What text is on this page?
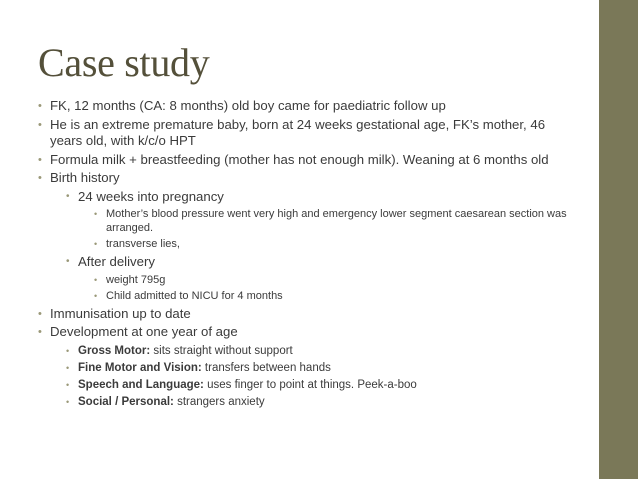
Case study
• FK, 12 months (CA: 8 months) old boy came for paediatric follow up
• He is an extreme premature baby, born at 24 weeks gestational age, FK’s mother, 46 years old, with k/c/o HPT
• Formula milk + breastfeeding (mother has not enough milk). Weaning at 6 months old
• Birth history
• 24 weeks into pregnancy
• Mother’s blood pressure went very high and emergency lower segment caesarean section was arranged.
• transverse lies,
• After delivery
• weight 795g
• Child admitted to NICU for 4 months
• Immunisation up to date
• Development at one year of age
• Gross Motor: sits straight without support
• Fine Motor and Vision: transfers between hands
• Speech and Language: uses finger to point at things. Peek-a-boo
• Social / Personal: strangers anxiety
